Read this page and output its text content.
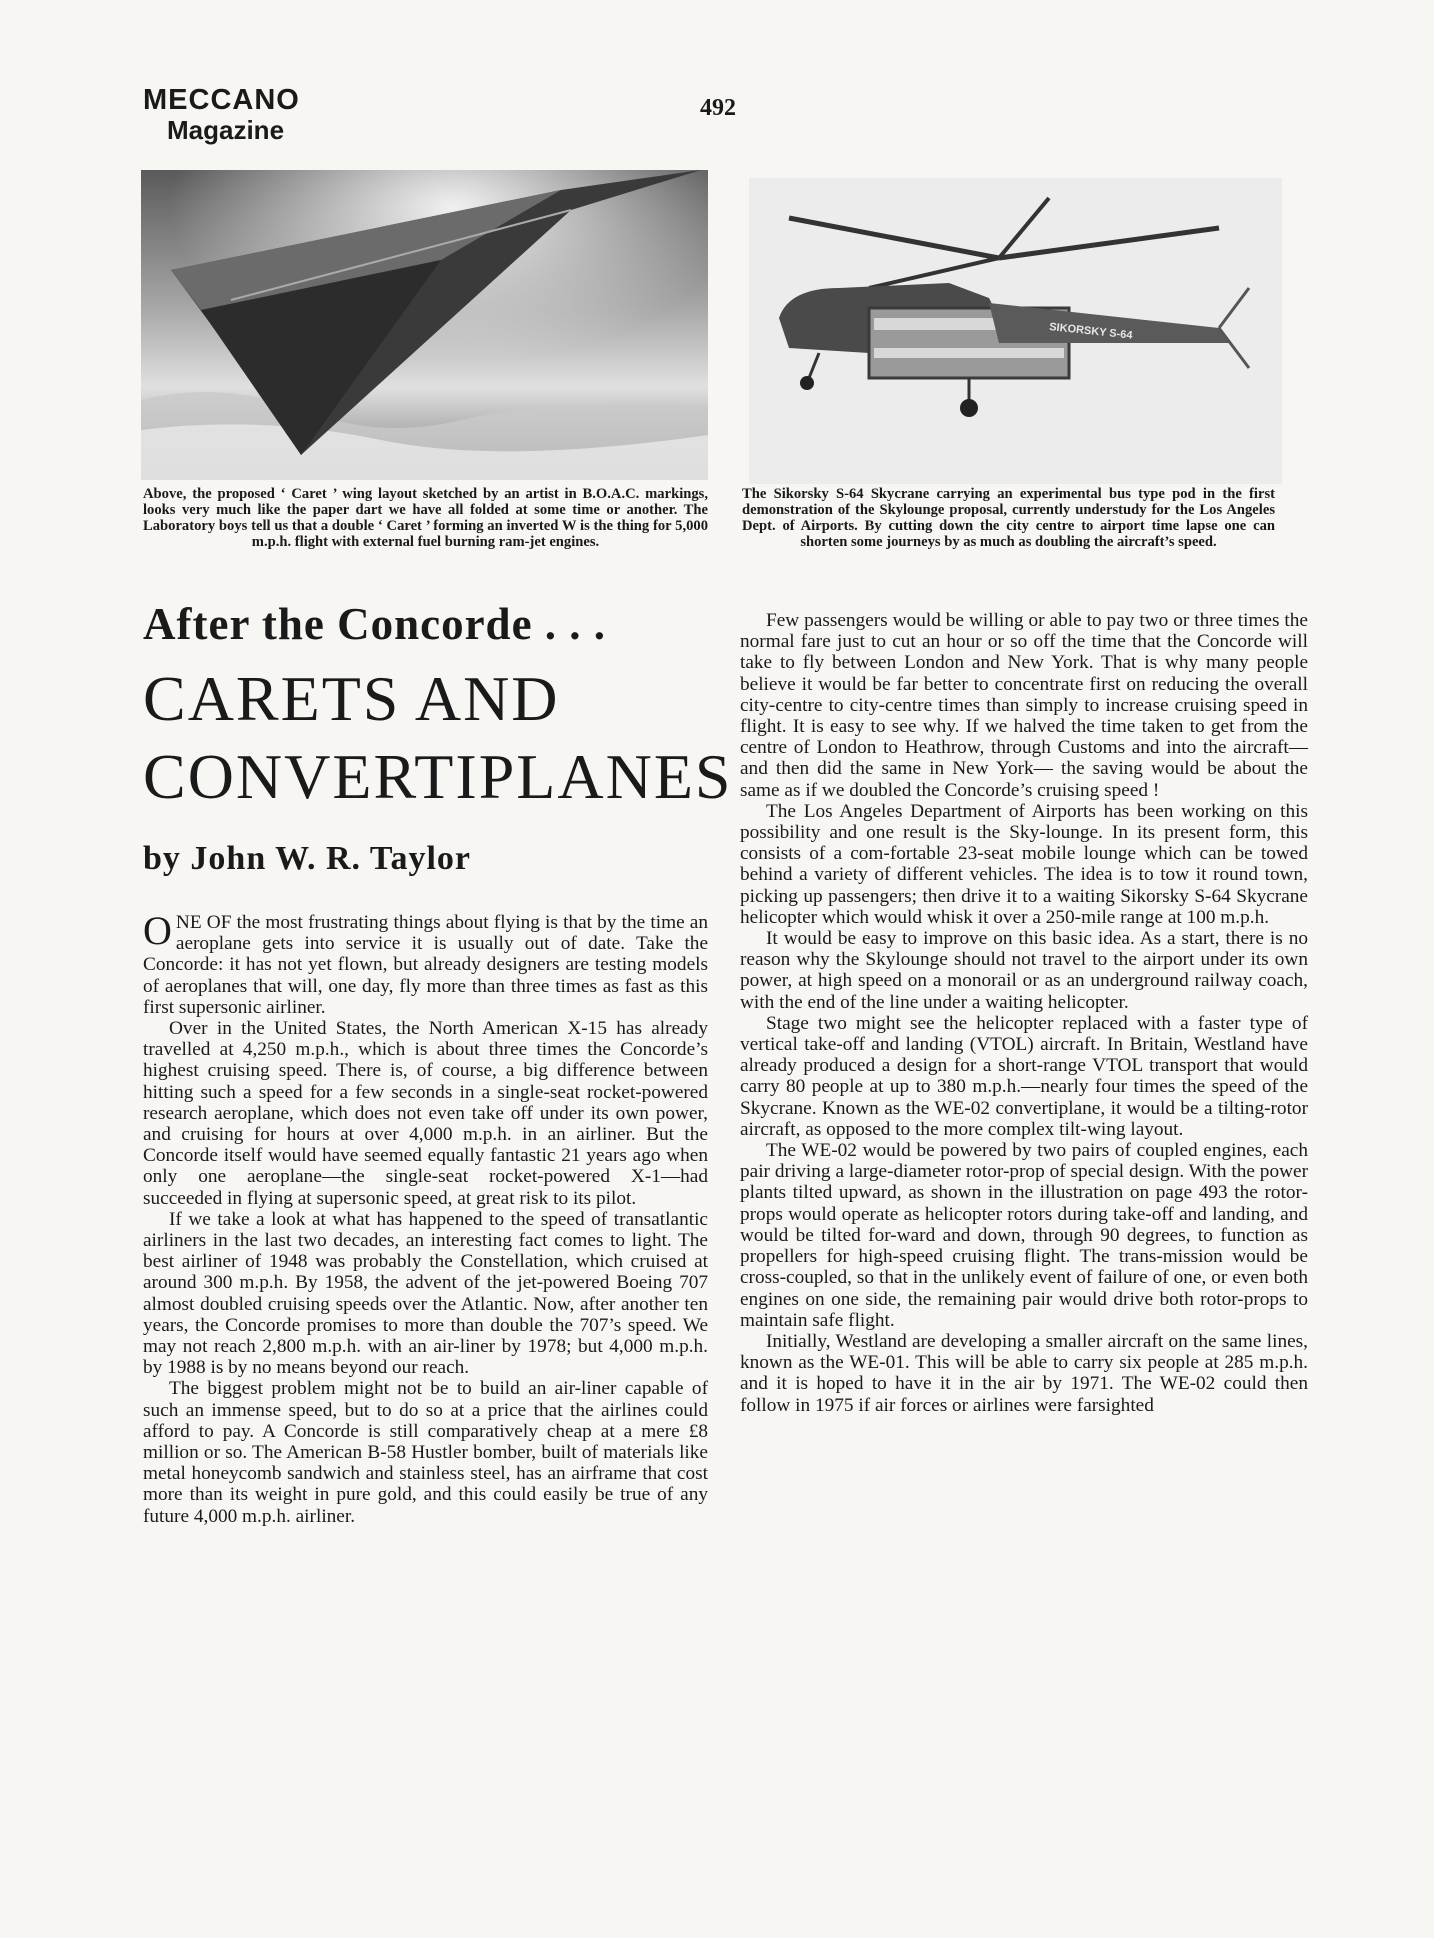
MECCANO
Magazine
492
SIKORSKY S-64
Above, the proposed ‘ Caret ’ wing layout sketched by an artist in B.O.A.C. markings, looks very much like the paper dart we have all folded at some time or another. The Laboratory boys tell us that a double ‘ Caret ’ forming an inverted W is the thing for 5,000 m.p.h. flight with external fuel burning ram-jet engines.
The Sikorsky S-64 Skycrane carrying an experimental bus type pod in the first demonstration of the Skylounge proposal, currently understudy for the Los Angeles Dept. of Airports. By cutting down the city centre to airport time lapse one can shorten some journeys by as much as doubling the aircraft’s speed.
After the Concorde . . .
CARETS AND
CONVERTIPLANES
by John W. R. Taylor

ONE OF the most frustrating things about flying is that by the time an aeroplane gets into service it is usually out of date. Take the Concorde: it has not yet flown, but already designers are testing models of aeroplanes that will, one day, fly more than three times as fast as this first supersonic airliner.

Over in the United States, the North American X-15 has already travelled at 4,250 m.p.h., which is about three times the Concorde’s highest cruising speed. There is, of course, a big difference between hitting such a speed for a few seconds in a single-seat rocket-powered research aeroplane, which does not even take off under its own power, and cruising for hours at over 4,000 m.p.h. in an airliner. But the Concorde itself would have seemed equally fantastic 21 years ago when only one aeroplane—the single-seat rocket-powered X-1—had succeeded in flying at supersonic speed, at great risk to its pilot.

If we take a look at what has happened to the speed of transatlantic airliners in the last two decades, an interesting fact comes to light. The best airliner of 1948 was probably the Constellation, which cruised at around 300 m.p.h. By 1958, the advent of the jet-powered Boeing 707 almost doubled cruising speeds over the Atlantic. Now, after another ten years, the Concorde promises to more than double the 707’s speed. We may not reach 2,800 m.p.h. with an air-liner by 1978; but 4,000 m.p.h. by 1988 is by no means beyond our reach.

The biggest problem might not be to build an air-liner capable of such an immense speed, but to do so at a price that the airlines could afford to pay. A Concorde is still comparatively cheap at a mere £8 million or so. The American B-58 Hustler bomber, built of materials like metal honeycomb sandwich and stainless steel, has an airframe that cost more than its weight in pure gold, and this could easily be true of any future 4,000 m.p.h. airliner.

Few passengers would be willing or able to pay two or three times the normal fare just to cut an hour or so off the time that the Concorde will take to fly between London and New York. That is why many people believe it would be far better to concentrate first on reducing the overall city-centre to city-centre times than simply to increase cruising speed in flight. It is easy to see why. If we halved the time taken to get from the centre of London to Heathrow, through Customs and into the aircraft—and then did the same in New York— the saving would be about the same as if we doubled the Concorde’s cruising speed !

The Los Angeles Department of Airports has been working on this possibility and one result is the Sky-lounge. In its present form, this consists of a com-fortable 23-seat mobile lounge which can be towed behind a variety of different vehicles. The idea is to tow it round town, picking up passengers; then drive it to a waiting Sikorsky S-64 Skycrane helicopter which would whisk it over a 250-mile range at 100 m.p.h.

It would be easy to improve on this basic idea. As a start, there is no reason why the Skylounge should not travel to the airport under its own power, at high speed on a monorail or as an underground railway coach, with the end of the line under a waiting helicopter.

Stage two might see the helicopter replaced with a faster type of vertical take-off and landing (VTOL) aircraft. In Britain, Westland have already produced a design for a short-range VTOL transport that would carry 80 people at up to 380 m.p.h.—nearly four times the speed of the Skycrane. Known as the WE-02 convertiplane, it would be a tilting-rotor aircraft, as opposed to the more complex tilt-wing layout.

The WE-02 would be powered by two pairs of coupled engines, each pair driving a large-diameter rotor-prop of special design. With the power plants tilted upward, as shown in the illustration on page 493 the rotor-props would operate as helicopter rotors during take-off and landing, and would be tilted for-ward and down, through 90 degrees, to function as propellers for high-speed cruising flight. The trans-mission would be cross-coupled, so that in the unlikely event of failure of one, or even both engines on one side, the remaining pair would drive both rotor-props to maintain safe flight.

Initially, Westland are developing a smaller aircraft on the same lines, known as the WE-01. This will be able to carry six people at 285 m.p.h. and it is hoped to have it in the air by 1971. The WE-02 could then follow in 1975 if air forces or airlines were farsighted
